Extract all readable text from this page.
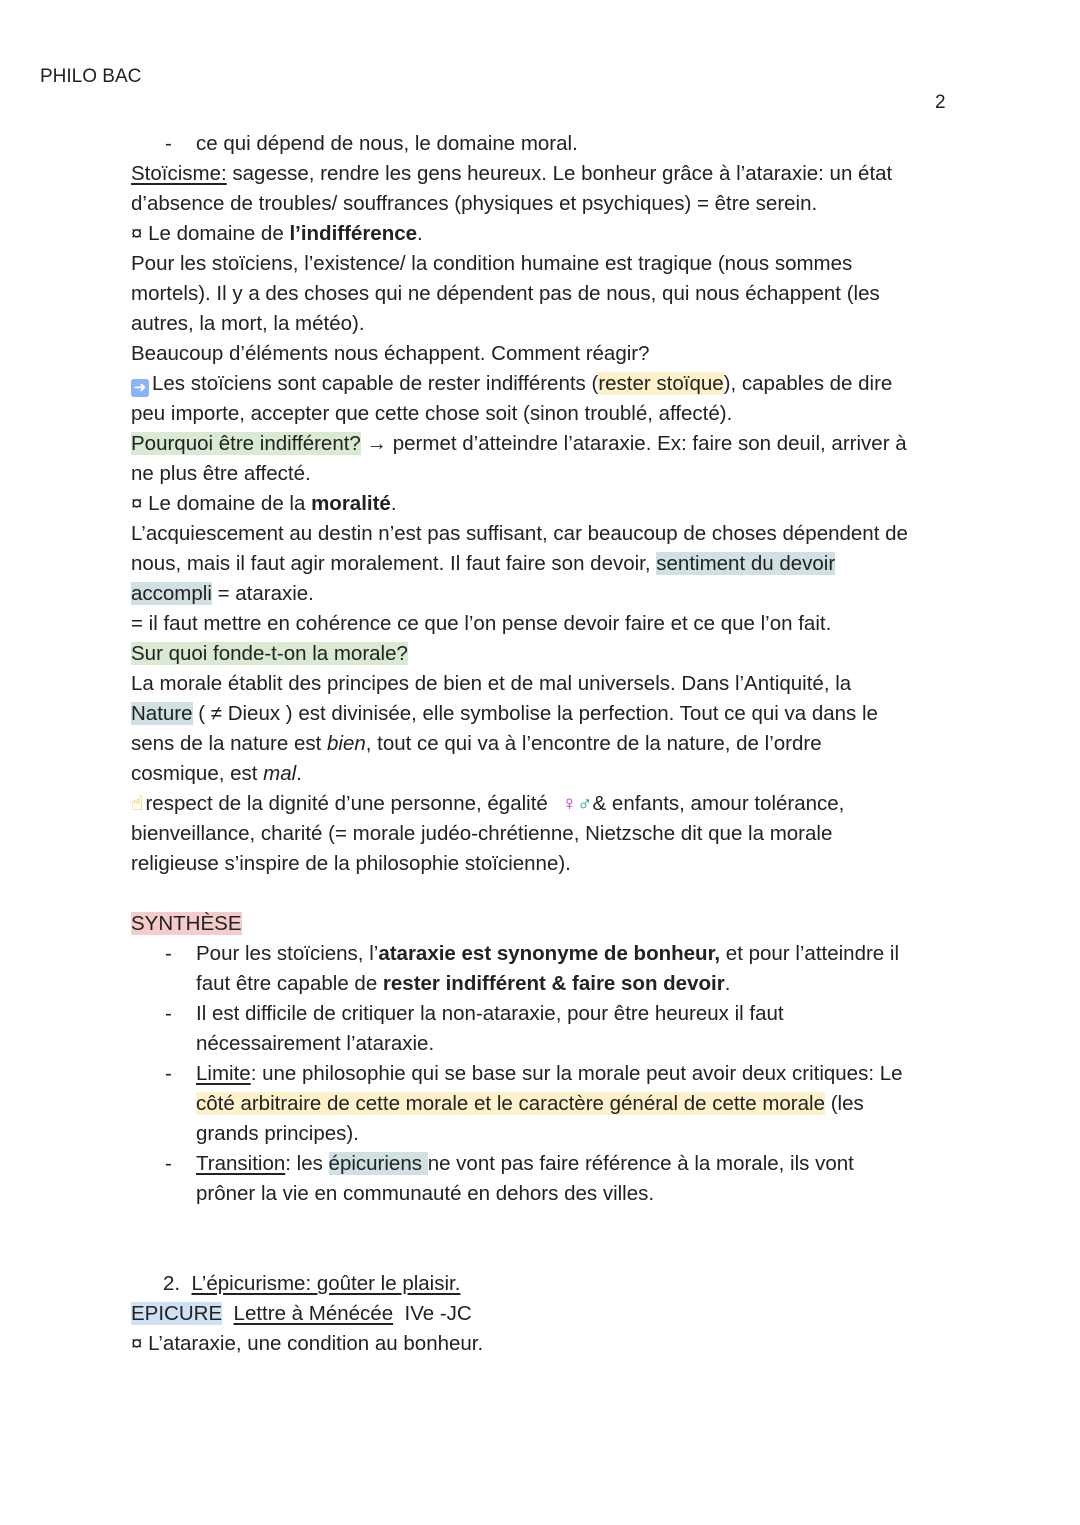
PHILO BAC
2
- ce qui dépend de nous, le domaine moral.
Stoïcisme: sagesse, rendre les gens heureux. Le bonheur grâce à l’ataraxie: un état
d’absence de troubles/ souffrances (physiques et psychiques) = être serein.
¤ Le domaine de l’indifférence.
Pour les stoïciens, l’existence/ la condition humaine est tragique (nous sommes
mortels). Il y a des choses qui ne dépendent pas de nous, qui nous échappent (les
autres, la mort, la météo).
Beaucoup d’éléments nous échappent. Comment réagir?
➜ Les stoïciens sont capable de rester indifférents (rester stoïque), capables de dire
peu importe, accepter que cette chose soit (sinon troublé, affecté).
Pourquoi être indifférent? → permet d’atteindre l’ataraxie. Ex: faire son deuil, arriver à
ne plus être affecté.
¤ Le domaine de la moralité.
L’acquiescement au destin n’est pas suffisant, car beaucoup de choses dépendent de
nous, mais il faut agir moralement. Il faut faire son devoir, sentiment du devoir
accompli = ataraxie.
= il faut mettre en cohérence ce que l’on pense devoir faire et ce que l’on fait.
Sur quoi fonde-t-on la morale?
La morale établit des principes de bien et de mal universels. Dans l’Antiquité, la
Nature ( ≠ Dieux ) est divinisée, elle symbolise la perfection. Tout ce qui va dans le
sens de la nature est bien, tout ce qui va à l’encontre de la nature, de l’ordre
cosmique, est mal.
☝respect de la dignité d’une personne, égalité ♀♂& enfants, amour tolérance,
bienveillance, charité (= morale judéo-chrétienne, Nietzsche dit que la morale
religieuse s’inspire de la philosophie stoïcienne).
SYNTHÈSE
- Pour les stoïciens, l’ataraxie est synonyme de bonheur, et pour l’atteindre il
faut être capable de rester indifférent & faire son devoir.
- Il est difficile de critiquer la non-ataraxie, pour être heureux il faut
nécessairement l’ataraxie.
- Limite: une philosophie qui se base sur la morale peut avoir deux critiques: Le
côté arbitraire de cette morale et le caractère général de cette morale (les
grands principes).
- Transition: les épicuriens ne vont pas faire référence à la morale, ils vont
prôner la vie en communauté en dehors des villes.
2. L’épicurisme: goûter le plaisir.
EPICURE Lettre à Ménécée IVe -JC
¤ L’ataraxie, une condition au bonheur.
